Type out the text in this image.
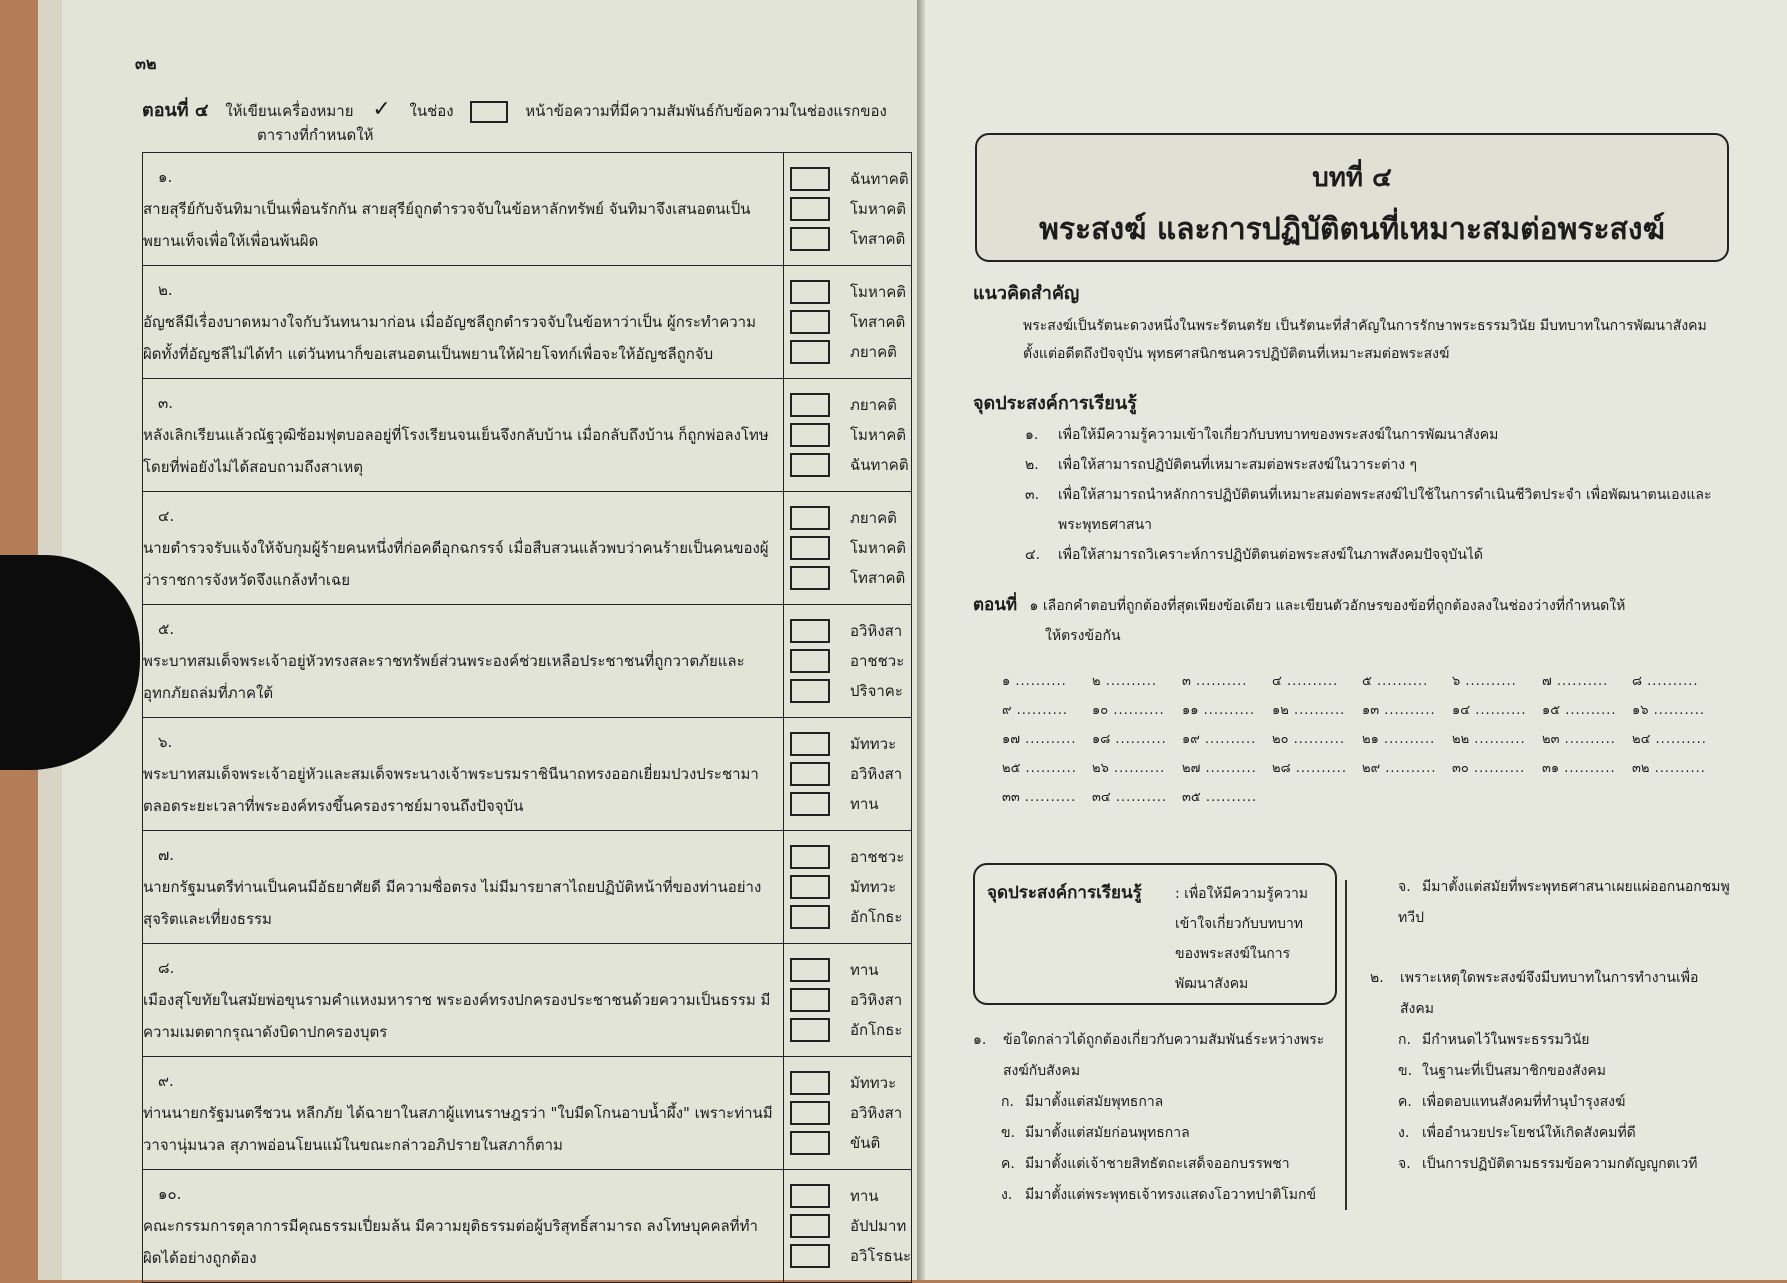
๓๒
ตอนที่ ๔ ให้เขียนเครื่องหมาย ✓ ในช่อง	หน้าข้อความที่มีความสัมพันธ์กับข้อความในช่องแรกของ
ตารางที่กำหนดให้
๑.สายสุรีย์กับจันทิมาเป็นเพื่อนรักกัน สายสุรีย์ถูกตำรวจจับในข้อหาลักทรัพย์ จันทิมาจึงเสนอตนเป็นพยานเท็จเพื่อให้เพื่อนพ้นผิด	ฉันทาคติ
โมหาคติ
โทสาคติ

๒.อัญชลีมีเรื่องบาดหมางใจกับวันทนามาก่อน เมื่ออัญชลีถูกตำรวจจับในข้อหาว่าเป็น ผู้กระทำความผิดทั้งที่อัญชลีไม่ได้ทำ แต่วันทนาก็ขอเสนอตนเป็นพยานให้ฝ่ายโจทก์เพื่อจะให้อัญชลีถูกจับ	โมหาคติ
โทสาคติ
ภยาคติ

๓.หลังเลิกเรียนแล้วณัฐวุฒิซ้อมฟุตบอลอยู่ที่โรงเรียนจนเย็นจึงกลับบ้าน เมื่อกลับถึงบ้าน ก็ถูกพ่อลงโทษโดยที่พ่อยังไม่ได้สอบถามถึงสาเหตุ	ภยาคติ
โมหาคติ
ฉันทาคติ

๔.นายตำรวจรับแจ้งให้จับกุมผู้ร้ายคนหนึ่งที่ก่อคดีอุกฉกรรจ์ เมื่อสืบสวนแล้วพบว่าคนร้ายเป็นคนของผู้ว่าราชการจังหวัดจึงแกล้งทำเฉย	ภยาคติ
โมหาคติ
โทสาคติ

๕.พระบาทสมเด็จพระเจ้าอยู่หัวทรงสละราชทรัพย์ส่วนพระองค์ช่วยเหลือประชาชนที่ถูกวาตภัยและอุทกภัยถล่มที่ภาคใต้	อวิหิงสา
อาชชวะ
ปริจาคะ

๖.พระบาทสมเด็จพระเจ้าอยู่หัวและสมเด็จพระนางเจ้าพระบรมราชินีนาถทรงออกเยี่ยมปวงประชามาตลอดระยะเวลาที่พระองค์ทรงขึ้นครองราชย์มาจนถึงปัจจุบัน	มัททวะ
อวิหิงสา
ทาน

๗.นายกรัฐมนตรีท่านเป็นคนมีอัธยาศัยดี มีความซื่อตรง ไม่มีมารยาสาไถยปฏิบัติหน้าที่ของท่านอย่างสุจริตและเที่ยงธรรม	อาชชวะ
มัททวะ
อักโกธะ

๘.เมืองสุโขทัยในสมัยพ่อขุนรามคำแหงมหาราช พระองค์ทรงปกครองประชาชนด้วยความเป็นธรรม มีความเมตตากรุณาดังบิดาปกครองบุตร	ทาน
อวิหิงสา
อักโกธะ

๙.ท่านนายกรัฐมนตรีชวน หลีกภัย ได้ฉายาในสภาผู้แทนราษฎรว่า "ใบมีดโกนอาบน้ำผึ้ง" เพราะท่านมีวาจานุ่มนวล สุภาพอ่อนโยนแม้ในขณะกล่าวอภิปรายในสภาก็ตาม	มัททวะ
อวิหิงสา
ขันติ

๑๐.คณะกรรมการตุลาการมีคุณธรรมเปี่ยมล้น มีความยุติธรรมต่อผู้บริสุทธิ์สามารถ ลงโทษบุคคลที่ทำผิดได้อย่างถูกต้อง	ทาน
อัปปมาท
อวิโรธนะ
บทที่ ๔
พระสงฆ์ และการปฏิบัติตนที่เหมาะสมต่อพระสงฆ์
แนวคิดสำคัญ
พระสงฆ์เป็นรัตนะดวงหนึ่งในพระรัตนตรัย เป็นรัตนะที่สำคัญในการรักษาพระธรรมวินัย มีบทบาทในการพัฒนาสังคมตั้งแต่อดีตถึงปัจจุบัน พุทธศาสนิกชนควรปฏิบัติตนที่เหมาะสมต่อพระสงฆ์
จุดประสงค์การเรียนรู้
๑.	เพื่อให้มีความรู้ความเข้าใจเกี่ยวกับบทบาทของพระสงฆ์ในการพัฒนาสังคม
๒.	เพื่อให้สามารถปฏิบัติตนที่เหมาะสมต่อพระสงฆ์ในวาระต่าง ๆ
๓.	เพื่อให้สามารถนำหลักการปฏิบัติตนที่เหมาะสมต่อพระสงฆ์ไปใช้ในการดำเนินชีวิตประจำ เพื่อพัฒนาตนเองและพระพุทธศาสนา
๔.	เพื่อให้สามารถวิเคราะห์การปฏิบัติตนต่อพระสงฆ์ในภาพสังคมปัจจุบันได้
ตอนที่ ๑ เลือกคำตอบที่ถูกต้องที่สุดเพียงข้อเดียว และเขียนตัวอักษรของข้อที่ถูกต้องลงในช่องว่างที่กำหนดให้
ให้ตรงข้อกัน
๑ ..........	๒ ..........	๓ ..........	๔ ..........	๕ ..........	๖ ..........	๗ ..........	๘ ..........
๙ ..........	๑๐ ..........	๑๑ ..........	๑๒ ..........	๑๓ ..........	๑๔ ..........	๑๕ ..........	๑๖ ..........
๑๗ ..........	๑๘ ..........	๑๙ ..........	๒๐ ..........	๒๑ ..........	๒๒ ..........	๒๓ ..........	๒๔ ..........
๒๕ ..........	๒๖ ..........	๒๗ ..........	๒๘ ..........	๒๙ ..........	๓๐ ..........	๓๑ ..........	๓๒ ..........
๓๓ ..........	๓๔ ..........	๓๕ ..........
จุดประสงค์การเรียนรู้ : เพื่อให้มีความรู้ความเข้าใจเกี่ยวกับบทบาทของพระสงฆ์ในการพัฒนาสังคม
๑.	ข้อใดกล่าวได้ถูกต้องเกี่ยวกับความสัมพันธ์ระหว่างพระสงฆ์กับสังคม
ก. มีมาตั้งแต่สมัยพุทธกาล
ข. มีมาตั้งแต่สมัยก่อนพุทธกาล
ค. มีมาตั้งแต่เจ้าชายสิทธัตถะเสด็จออกบรรพชา
ง. มีมาตั้งแต่พระพุทธเจ้าทรงแสดงโอวาทปาติโมกข์
จ. มีมาตั้งแต่สมัยที่พระพุทธศาสนาเผยแผ่ออกนอกชมพูทวีป
๒.	เพราะเหตุใดพระสงฆ์จึงมีบทบาทในการทำงานเพื่อสังคม
ก. มีกำหนดไว้ในพระธรรมวินัย
ข. ในฐานะที่เป็นสมาชิกของสังคม
ค. เพื่อตอบแทนสังคมที่ทำนุบำรุงสงฆ์
ง. เพื่ออำนวยประโยชน์ให้เกิดสังคมที่ดี
จ. เป็นการปฏิบัติตามธรรมข้อความกตัญญูกตเวที
